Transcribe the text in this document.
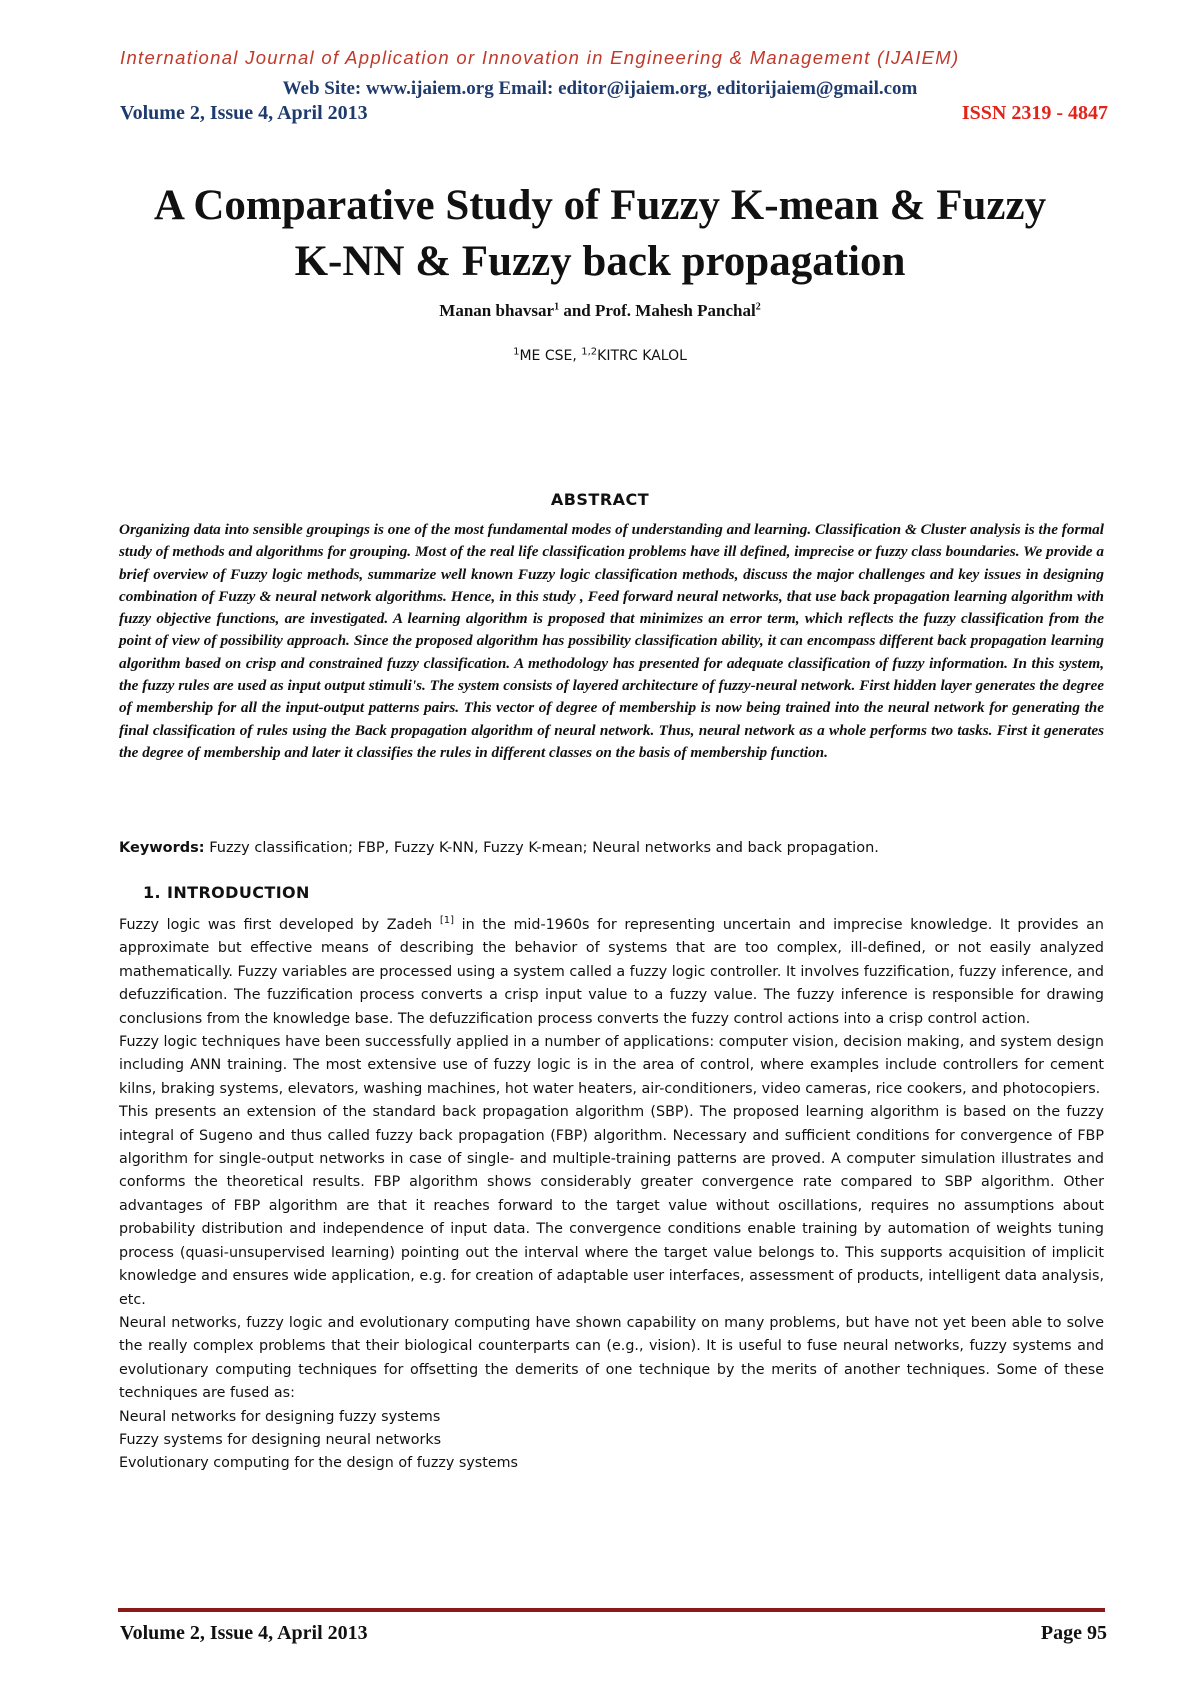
International Journal of Application or Innovation in Engineering & Management (IJAIEM)
Web Site: www.ijaiem.org Email: editor@ijaiem.org, editorijaiem@gmail.com
Volume 2, Issue 4, April 2013	ISSN 2319 - 4847
A Comparative Study of Fuzzy K-mean & Fuzzy
K-NN & Fuzzy back propagation
Manan bhavsar$^1$ and Prof. Mahesh Panchal$^2$
$^1$ME CSE, $^{1,2}$KITRC KALOL
ABSTRACT

Organizing data into sensible groupings is one of the most fundamental modes of understanding and learning. Classification & Cluster analysis is the formal study of methods and algorithms for grouping. Most of the real life classification problems have ill defined, imprecise or fuzzy class boundaries. We provide a brief overview of Fuzzy logic methods, summarize well known Fuzzy logic classification methods, discuss the major challenges and key issues in designing combination of Fuzzy & neural network algorithms. Hence, in this study , Feed forward neural networks, that use back propagation learning algorithm with fuzzy objective functions, are investigated. A learning algorithm is proposed that minimizes an error term, which reflects the fuzzy classification from the point of view of possibility approach. Since the proposed algorithm has possibility classification ability, it can encompass different back propagation learning algorithm based on crisp and constrained fuzzy classification. A methodology has presented for adequate classification of fuzzy information. In this system, the fuzzy rules are used as input output stimuli's. The system consists of layered architecture of fuzzy-neural network. First hidden layer generates the degree of membership for all the input-output patterns pairs. This vector of degree of membership is now being trained into the neural network for generating the final classification of rules using the Back propagation algorithm of neural network. Thus, neural network as a whole performs two tasks. First it generates the degree of membership and later it classifies the rules in different classes on the basis of membership function.

Keywords: Fuzzy classification; FBP, Fuzzy K-NN, Fuzzy K-mean; Neural networks and back propagation.
1. INTRODUCTION

Fuzzy logic was first developed by Zadeh [1] in the mid-1960s for representing uncertain and imprecise knowledge. It provides an approximate but effective means of describing the behavior of systems that are too complex, ill-defined, or not easily analyzed mathematically. Fuzzy variables are processed using a system called a fuzzy logic controller. It involves fuzzification, fuzzy inference, and defuzzification. The fuzzification process converts a crisp input value to a fuzzy value. The fuzzy inference is responsible for drawing conclusions from the knowledge base. The defuzzification process converts the fuzzy control actions into a crisp control action.

Fuzzy logic techniques have been successfully applied in a number of applications: computer vision, decision making, and system design including ANN training. The most extensive use of fuzzy logic is in the area of control, where examples include controllers for cement kilns, braking systems, elevators, washing machines, hot water heaters, air-conditioners, video cameras, rice cookers, and photocopiers.

This presents an extension of the standard back propagation algorithm (SBP). The proposed learning algorithm is based on the fuzzy integral of Sugeno and thus called fuzzy back propagation (FBP) algorithm. Necessary and sufficient conditions for convergence of FBP algorithm for single-output networks in case of single- and multiple-training patterns are proved. A computer simulation illustrates and conforms the theoretical results. FBP algorithm shows considerably greater convergence rate compared to SBP algorithm. Other advantages of FBP algorithm are that it reaches forward to the target value without oscillations, requires no assumptions about probability distribution and independence of input data. The convergence conditions enable training by automation of weights tuning process (quasi-unsupervised learning) pointing out the interval where the target value belongs to. This supports acquisition of implicit knowledge and ensures wide application, e.g. for creation of adaptable user interfaces, assessment of products, intelligent data analysis, etc.

Neural networks, fuzzy logic and evolutionary computing have shown capability on many problems, but have not yet been able to solve the really complex problems that their biological counterparts can (e.g., vision). It is useful to fuse neural networks, fuzzy systems and evolutionary computing techniques for offsetting the demerits of one technique by the merits of another techniques. Some of these techniques are fused as:

Neural networks for designing fuzzy systems
Fuzzy systems for designing neural networks
Evolutionary computing for the design of fuzzy systems
Volume 2, Issue 4, April 2013	Page 95
